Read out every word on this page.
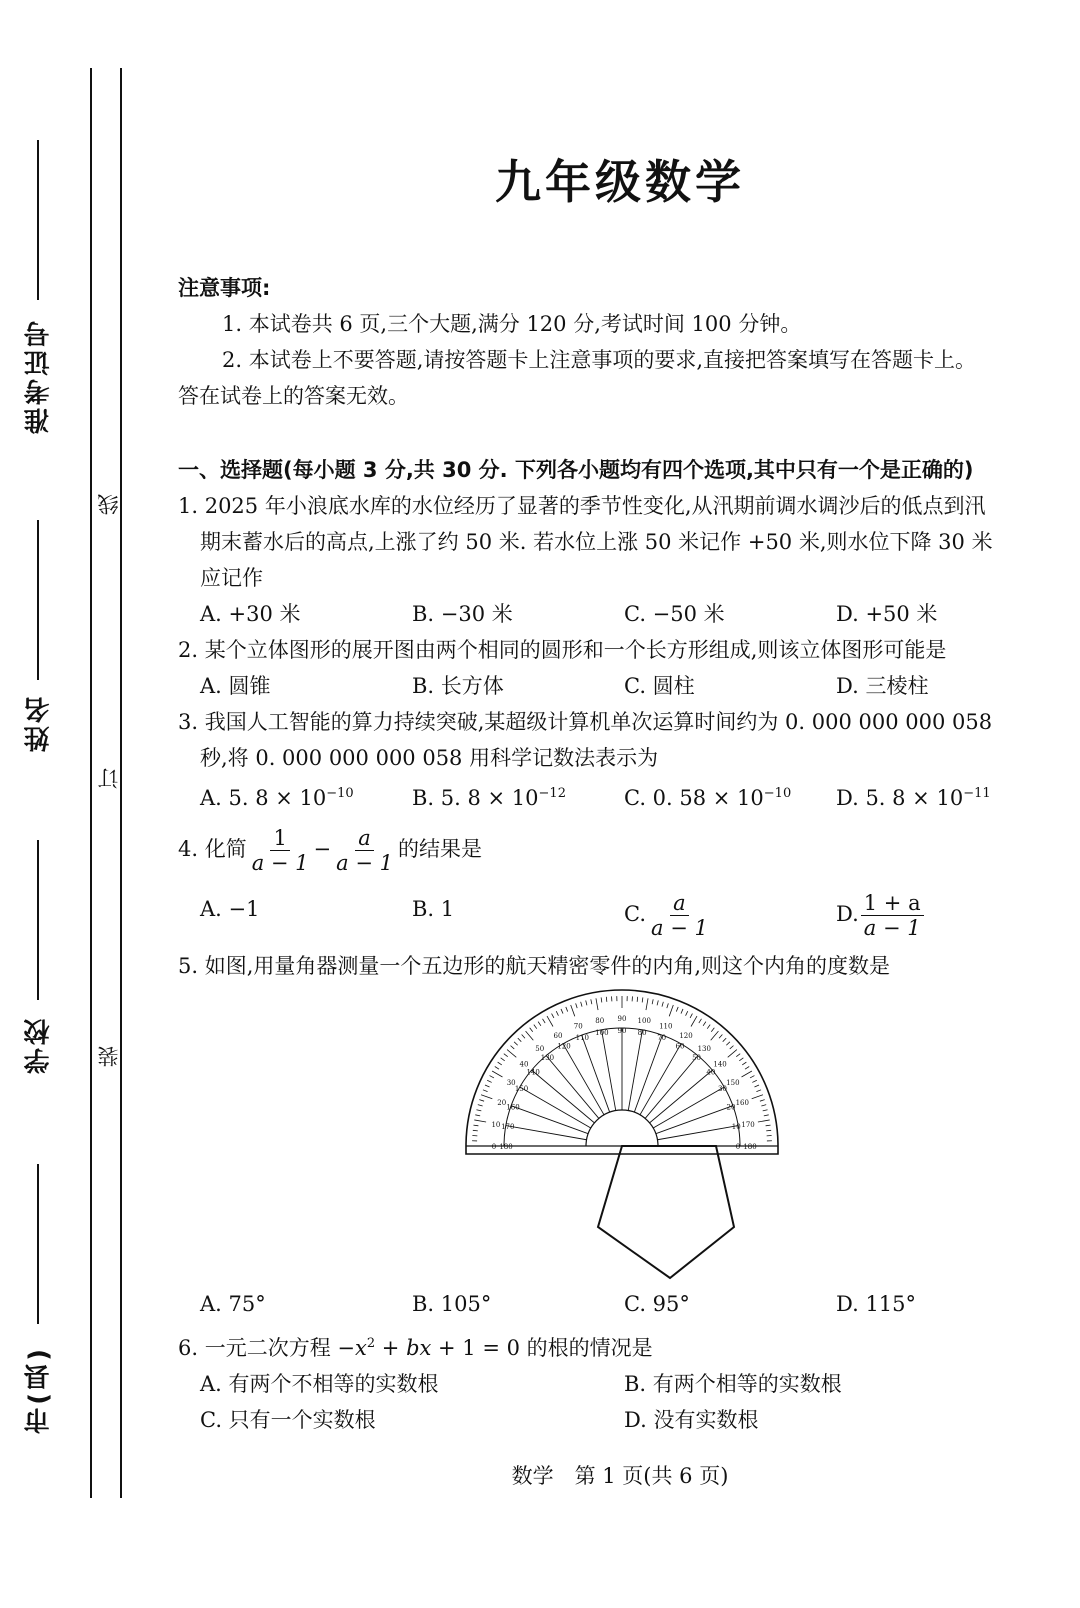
准考证号
姓名
学校
市(县)
线
订
装
九年级数学
注意事项:
1. 本试卷共 6 页,三个大题,满分 120 分,考试时间 100 分钟。
2. 本试卷上不要答题,请按答题卡上注意事项的要求,直接把答案填写在答题卡上。
答在试卷上的答案无效。
一、选择题(每小题 3 分,共 30 分. 下列各小题均有四个选项,其中只有一个是正确的)
1. 2025 年小浪底水库的水位经历了显著的季节性变化,从汛期前调水调沙后的低点到汛
期末蓄水后的高点,上涨了约 50 米. 若水位上涨 50 米记作 +50 米,则水位下降 30 米
应记作
A. +30 米	B. −30 米	C. −50 米	D. +50 米
2. 某个立体图形的展开图由两个相同的圆形和一个长方形组成,则该立体图形可能是
A. 圆锥	B. 长方体	C. 圆柱	D. 三棱柱
3. 我国人工智能的算力持续突破,某超级计算机单次运算时间约为 0. 000 000 000 058
秒,将 0. 000 000 000 058 用科学记数法表示为
A. 5. $8 \times 10^{-10}$	B. 5. $8 \times 10^{-12}$	C. 0. $58 \times 10^{-10}$	D. 5. $8 \times 10^{-11}$
4. 化简 $\frac{1}{a - 1} - \frac{a}{a - 1}$ 的结果是
A. −1	B. 1	C. $\frac{a}{a - 1}$	D. $\frac{1 + a}{a - 1}$
5. 如图,用量角器测量一个五边形的航天精密零件的内角,则这个内角的度数是
180
0
170
10
160
20
150
30
140
40
130
50
120
60
110
70
100
80
90
90
80
100
70
110
60
120
50
130
40
140
30
150
20
160
10 170
0 180
A. 75°	B. 105°	C. 95°	D. 115°
6. 一元二次方程 $-x^2$ + bx + 1 = 0 的根的情况是
A. 有两个不相等的实数根	B. 有两个相等的实数根
C. 只有一个实数根	D. 没有实数根
数学　第 1 页(共 6 页)
